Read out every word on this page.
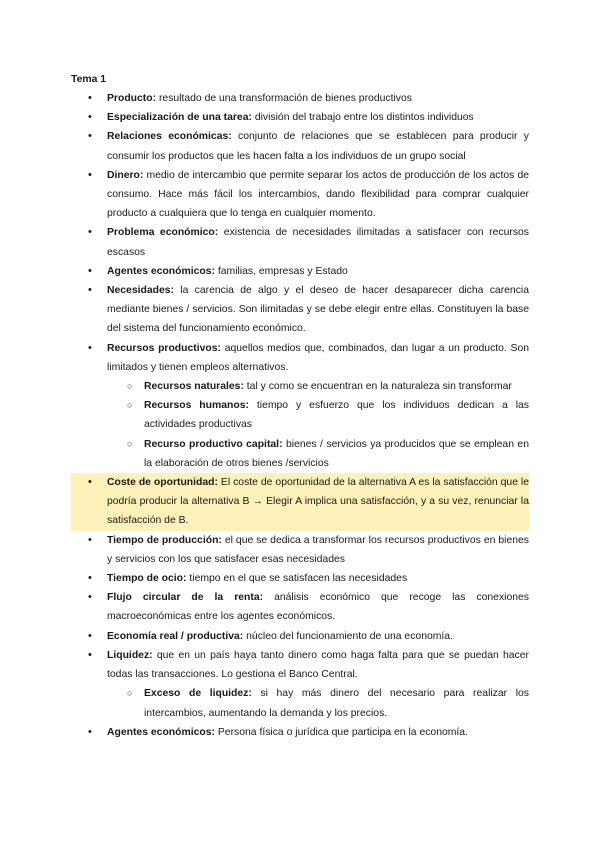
Tema 1
• Producto: resultado de una transformación de bienes productivos
• Especialización de una tarea: división del trabajo entre los distintos individuos
• Relaciones económicas: conjunto de relaciones que se establecen para producir y consumir los productos que les hacen falta a los individuos de un grupo social
• Dinero: medio de intercambio que permite separar los actos de producción de los actos de consumo. Hace más fácil los intercambios, dando flexibilidad para comprar cualquier producto a cualquiera que lo tenga en cualquier momento.
• Problema económico: existencia de necesidades ilimitadas a satisfacer con recursos escasos
• Agentes económicos: familias, empresas y Estado
• Necesidades: la carencia de algo y el deseo de hacer desaparecer dicha carencia mediante bienes / servicios. Son ilimitadas y se debe elegir entre ellas. Constituyen la base del sistema del funcionamiento económico.
• Recursos productivos: aquellos medios que, combinados, dan lugar a un producto. Son limitados y tienen empleos alternativos.
○ Recursos naturales: tal y como se encuentran en la naturaleza sin transformar
○ Recursos humanos: tiempo y esfuerzo que los individuos dedican a las actividades productivas
○ Recurso productivo capital: bienes / servicios ya producidos que se emplean en la elaboración de otros bienes /servicios
• Coste de oportunidad: El coste de oportunidad de la alternativa A es la satisfacción que le podría producir la alternativa B → Elegir A implica una satisfacción, y a su vez, renunciar la satisfacción de B.
• Tiempo de producción: el que se dedica a transformar los recursos productivos en bienes y servicios con los que satisfacer esas necesidades
• Tiempo de ocio: tiempo en el que se satisfacen las necesidades
• Flujo circular de la renta: análisis económico que recoge las conexiones macroeconómicas entre los agentes económicos.
• Economía real / productiva: núcleo del funcionamiento de una economía.
• Liquidez: que en un país haya tanto dinero como haga falta para que se puedan hacer todas las transacciones. Lo gestiona el Banco Central.
○ Exceso de liquidez: si hay más dinero del necesario para realizar los intercambios, aumentando la demanda y los precios.
• Agentes económicos: Persona física o jurídica que participa en la economía.
